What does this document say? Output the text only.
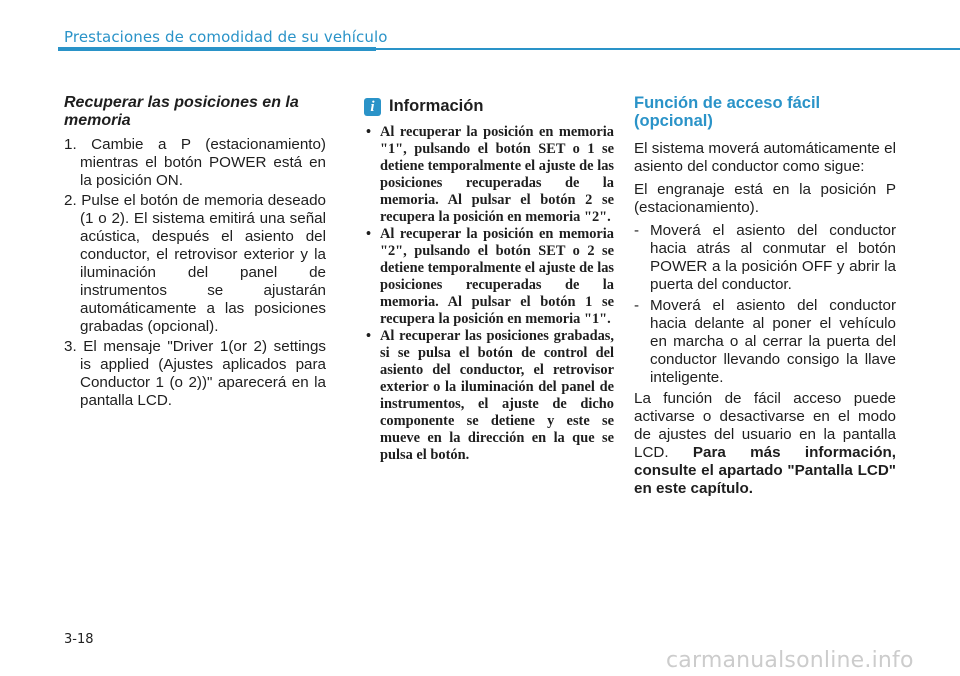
Prestaciones de comodidad de su vehículo
Recuperar las posiciones en la memoria
1. Cambie a P (estacionamiento) mientras el botón POWER está en la posición ON.
2. Pulse el botón de memoria deseado (1 o 2). El sistema emitirá una señal acústica, después el asiento del conductor, el retrovisor exterior y la iluminación del panel de instrumentos se ajustarán automáticamente a las posiciones grabadas (opcional).
3. El mensaje "Driver 1(or 2) settings is applied (Ajustes aplicados para Conductor 1 (o 2))" aparecerá en la pantalla LCD.
i Información
• Al recuperar la posición en memoria "1", pulsando el botón SET o 1 se detiene temporalmente el ajuste de las posiciones recuperadas de la memoria. Al pulsar el botón 2 se recupera la posición en memoria "2".
• Al recuperar la posición en memoria "2", pulsando el botón SET o 2 se detiene temporalmente el ajuste de las posiciones recuperadas de la memoria. Al pulsar el botón 1 se recupera la posición en memoria "1".
• Al recuperar las posiciones grabadas, si se pulsa el botón de control del asiento del conductor, el retrovisor exterior o la iluminación del panel de instrumentos, el ajuste de dicho componente se detiene y este se mueve en la dirección en la que se pulsa el botón.
Función de acceso fácil (opcional)

El sistema moverá automáticamente el asiento del conductor como sigue:

El engranaje está en la posición P (estacionamiento).

- Moverá el asiento del conductor hacia atrás al conmutar el botón POWER a la posición OFF y abrir la puerta del conductor.
- Moverá el asiento del conductor hacia delante al poner el vehículo en marcha o al cerrar la puerta del conductor llevando consigo la llave inteligente.

La función de fácil acceso puede activarse o desactivarse en el modo de ajustes del usuario en la pantalla LCD. Para más información, consulte el apartado "Pantalla LCD" en este capítulo.

3-18
carmanualsonline.info
